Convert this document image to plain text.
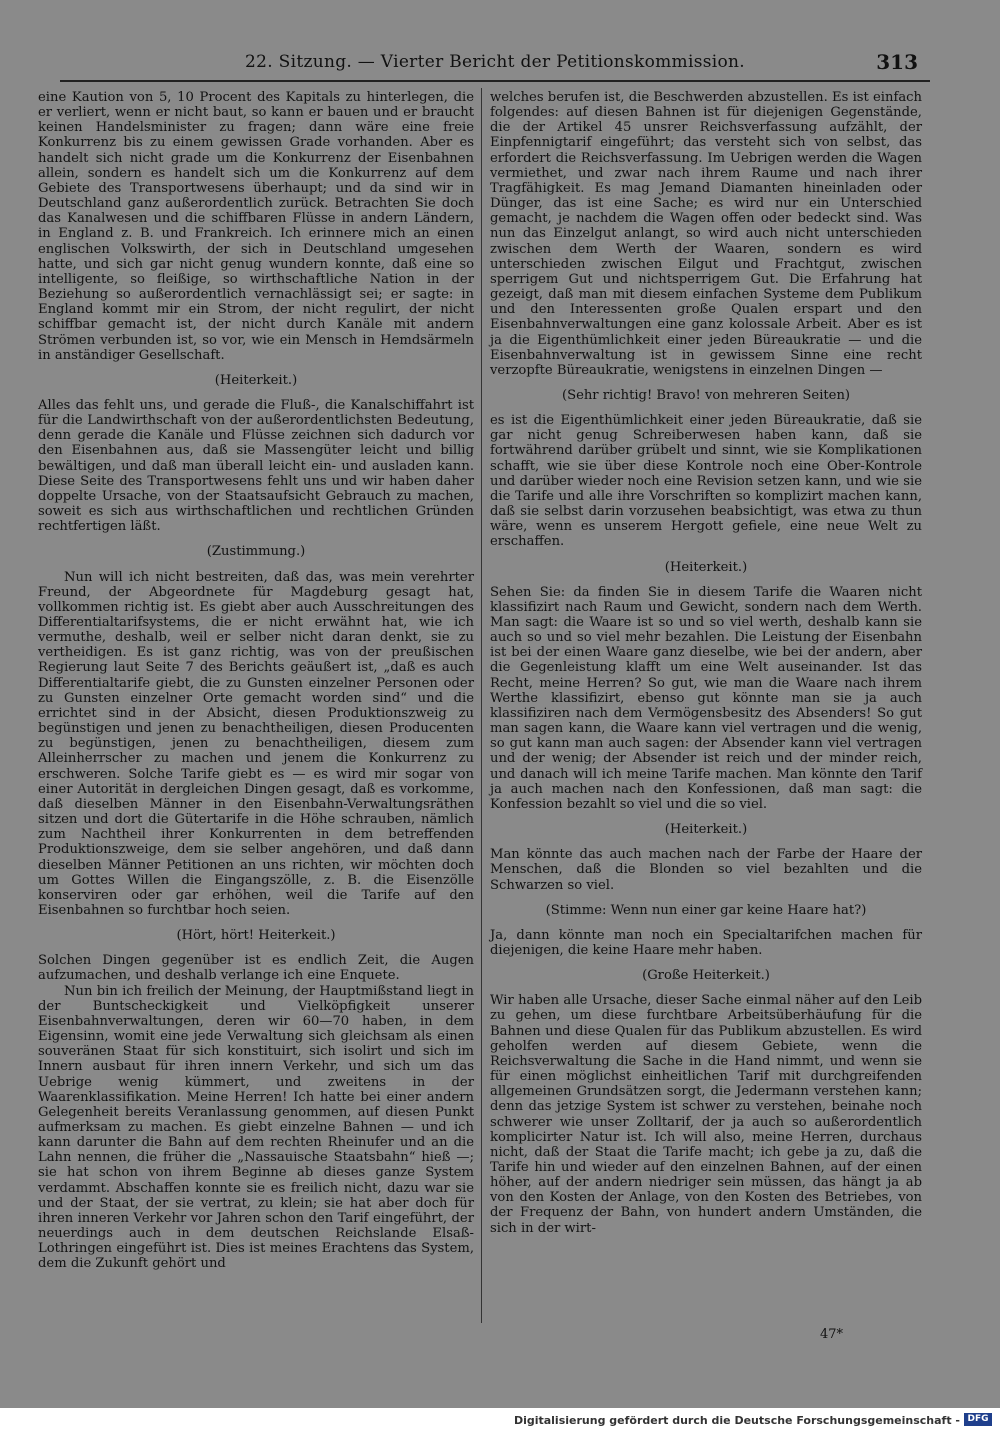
22. Sitzung. — Vierter Bericht der Petitionskommission.	313

eine Kaution von 5, 10 Procent des Kapitals zu hinterlegen, die er verliert, wenn er nicht baut, so kann er bauen und er braucht keinen Handelsminister zu fragen; dann wäre eine freie Konkurrenz bis zu einem gewissen Grade vorhanden. Aber es handelt sich nicht grade um die Konkurrenz der Eisenbahnen allein, sondern es handelt sich um die Konkurrenz auf dem Gebiete des Transportwesens überhaupt; und da sind wir in Deutschland ganz außerordentlich zurück. Betrachten Sie doch das Kanalwesen und die schiffbaren Flüsse in andern Ländern, in England z. B. und Frankreich. Ich erinnere mich an einen englischen Volkswirth, der sich in Deutschland umgesehen hatte, und sich gar nicht genug wundern konnte, daß eine so intelligente, so fleißige, so wirthschaftliche Nation in der Beziehung so außerordentlich vernachlässigt sei; er sagte: in England kommt mir ein Strom, der nicht regulirt, der nicht schiffbar gemacht ist, der nicht durch Kanäle mit andern Strömen verbunden ist, so vor, wie ein Mensch in Hemdsärmeln in anständiger Gesellschaft.

(Heiterkeit.)

Alles das fehlt uns, und gerade die Fluß-, die Kanalschiffahrt ist für die Landwirthschaft von der außerordentlichsten Bedeutung, denn gerade die Kanäle und Flüsse zeichnen sich dadurch vor den Eisenbahnen aus, daß sie Massengüter leicht und billig bewältigen, und daß man überall leicht ein- und ausladen kann. Diese Seite des Transportwesens fehlt uns und wir haben daher doppelte Ursache, von der Staatsaufsicht Gebrauch zu machen, soweit es sich aus wirthschaftlichen und rechtlichen Gründen rechtfertigen läßt.

(Zustimmung.)

Nun will ich nicht bestreiten, daß das, was mein verehrter Freund, der Abgeordnete für Magdeburg gesagt hat, vollkommen richtig ist. Es giebt aber auch Ausschreitungen des Differentialtarifsystems, die er nicht erwähnt hat, wie ich vermuthe, deshalb, weil er selber nicht daran denkt, sie zu vertheidigen. Es ist ganz richtig, was von der preußischen Regierung laut Seite 7 des Berichts geäußert ist, „daß es auch Differentialtarife giebt, die zu Gunsten einzelner Personen oder zu Gunsten einzelner Orte gemacht worden sind“ und die errichtet sind in der Absicht, diesen Produktionszweig zu begünstigen und jenen zu benachtheiligen, diesen Producenten zu begünstigen, jenen zu benachtheiligen, diesem zum Alleinherrscher zu machen und jenem die Konkurrenz zu erschweren. Solche Tarife giebt es — es wird mir sogar von einer Autorität in dergleichen Dingen gesagt, daß es vorkomme, daß dieselben Männer in den Eisenbahn-Verwaltungsräthen sitzen und dort die Gütertarife in die Höhe schrauben, nämlich zum Nachtheil ihrer Konkurrenten in dem betreffenden Produktionszweige, dem sie selber angehören, und daß dann dieselben Männer Petitionen an uns richten, wir möchten doch um Gottes Willen die Eingangszölle, z. B. die Eisenzölle konserviren oder gar erhöhen, weil die Tarife auf den Eisenbahnen so furchtbar hoch seien.

(Hört, hört! Heiterkeit.)

Solchen Dingen gegenüber ist es endlich Zeit, die Augen aufzumachen, und deshalb verlange ich eine Enquete.

Nun bin ich freilich der Meinung, der Hauptmißstand liegt in der Buntscheckigkeit und Vielköpfigkeit unserer Eisenbahnverwaltungen, deren wir 60—70 haben, in dem Eigensinn, womit eine jede Verwaltung sich gleichsam als einen souveränen Staat für sich konstituirt, sich isolirt und sich im Innern ausbaut für ihren innern Verkehr, und sich um das Uebrige wenig kümmert, und zweitens in der Waarenklassifikation. Meine Herren! Ich hatte bei einer andern Gelegenheit bereits Veranlassung genommen, auf diesen Punkt aufmerksam zu machen. Es giebt einzelne Bahnen — und ich kann darunter die Bahn auf dem rechten Rheinufer und an die Lahn nennen, die früher die „Nassauische Staatsbahn“ hieß —; sie hat schon von ihrem Beginne ab dieses ganze System verdammt. Abschaffen konnte sie es freilich nicht, dazu war sie und der Staat, der sie vertrat, zu klein; sie hat aber doch für ihren inneren Verkehr vor Jahren schon den Tarif eingeführt, der neuerdings auch in dem deutschen Reichslande Elsaß-Lothringen eingeführt ist. Dies ist meines Erachtens das System, dem die Zukunft gehört und

welches berufen ist, die Beschwerden abzustellen. Es ist einfach folgendes: auf diesen Bahnen ist für diejenigen Gegenstände, die der Artikel 45 unsrer Reichsverfassung aufzählt, der Einpfennigtarif eingeführt; das versteht sich von selbst, das erfordert die Reichsverfassung. Im Uebrigen werden die Wagen vermiethet, und zwar nach ihrem Raume und nach ihrer Tragfähigkeit. Es mag Jemand Diamanten hineinladen oder Dünger, das ist eine Sache; es wird nur ein Unterschied gemacht, je nachdem die Wagen offen oder bedeckt sind. Was nun das Einzelgut anlangt, so wird auch nicht unterschieden zwischen dem Werth der Waaren, sondern es wird unterschieden zwischen Eilgut und Frachtgut, zwischen sperrigem Gut und nichtsperrigem Gut. Die Erfahrung hat gezeigt, daß man mit diesem einfachen Systeme dem Publikum und den Interessenten große Qualen erspart und den Eisenbahnverwaltungen eine ganz kolossale Arbeit. Aber es ist ja die Eigenthümlichkeit einer jeden Büreaukratie — und die Eisenbahnverwaltung ist in gewissem Sinne eine recht verzopfte Büreaukratie, wenigstens in einzelnen Dingen —

(Sehr richtig! Bravo! von mehreren Seiten)

es ist die Eigenthümlichkeit einer jeden Büreaukratie, daß sie gar nicht genug Schreiberwesen haben kann, daß sie fortwährend darüber grübelt und sinnt, wie sie Komplikationen schafft, wie sie über diese Kontrole noch eine Ober-Kontrole und darüber wieder noch eine Revision setzen kann, und wie sie die Tarife und alle ihre Vorschriften so komplizirt machen kann, daß sie selbst darin vorzusehen beabsichtigt, was etwa zu thun wäre, wenn es unserem Hergott gefiele, eine neue Welt zu erschaffen.

(Heiterkeit.)

Sehen Sie: da finden Sie in diesem Tarife die Waaren nicht klassifizirt nach Raum und Gewicht, sondern nach dem Werth. Man sagt: die Waare ist so und so viel werth, deshalb kann sie auch so und so viel mehr bezahlen. Die Leistung der Eisenbahn ist bei der einen Waare ganz dieselbe, wie bei der andern, aber die Gegenleistung klafft um eine Welt auseinander. Ist das Recht, meine Herren? So gut, wie man die Waare nach ihrem Werthe klassifizirt, ebenso gut könnte man sie ja auch klassifiziren nach dem Vermögensbesitz des Absenders! So gut man sagen kann, die Waare kann viel vertragen und die wenig, so gut kann man auch sagen: der Absender kann viel vertragen und der wenig; der Absender ist reich und der minder reich, und danach will ich meine Tarife machen. Man könnte den Tarif ja auch machen nach den Konfessionen, daß man sagt: die Konfession bezahlt so viel und die so viel.

(Heiterkeit.)

Man könnte das auch machen nach der Farbe der Haare der Menschen, daß die Blonden so viel bezahlten und die Schwarzen so viel.

(Stimme: Wenn nun einer gar keine Haare hat?)

Ja, dann könnte man noch ein Specialtarifchen machen für diejenigen, die keine Haare mehr haben.

(Große Heiterkeit.)

Wir haben alle Ursache, dieser Sache einmal näher auf den Leib zu gehen, um diese furchtbare Arbeitsüberhäufung für die Bahnen und diese Qualen für das Publikum abzustellen. Es wird geholfen werden auf diesem Gebiete, wenn die Reichsverwaltung die Sache in die Hand nimmt, und wenn sie für einen möglichst einheitlichen Tarif mit durchgreifenden allgemeinen Grundsätzen sorgt, die Jedermann verstehen kann; denn das jetzige System ist schwer zu verstehen, beinahe noch schwerer wie unser Zolltarif, der ja auch so außerordentlich komplicirter Natur ist. Ich will also, meine Herren, durchaus nicht, daß der Staat die Tarife macht; ich gebe ja zu, daß die Tarife hin und wieder auf den einzelnen Bahnen, auf der einen höher, auf der andern niedriger sein müssen, das hängt ja ab von den Kosten der Anlage, von den Kosten des Betriebes, von der Frequenz der Bahn, von hundert andern Umständen, die sich in der wirt-

47*
Digitalisierung gefördert durch die Deutsche Forschungsgemeinschaft - DFG
